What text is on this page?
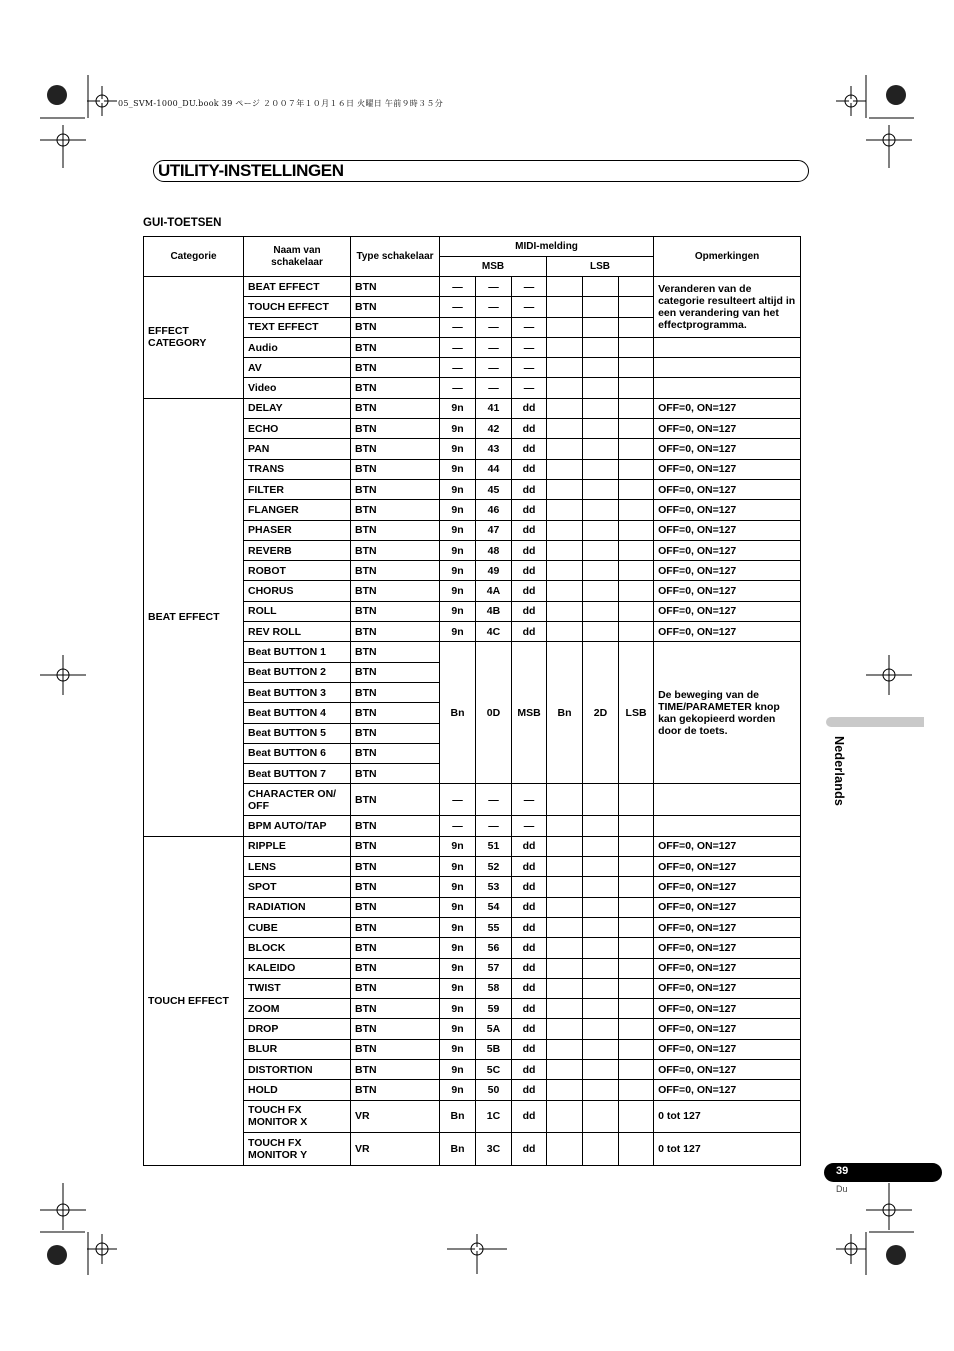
05_SVM-1000_DU.book 39 ページ ２００７年１０月１６日 火曜日 午前９時３５分
UTILITY-INSTELLINGEN
GUI-TOETSEN
Categorie	Naam van schakelaar	Type schakelaar	MIDI-melding						Opmerkingen
			MSB			LSB			
EFFECT CATEGORY	BEAT EFFECT	BTN	—	—	—				Veranderen van de categorie resulteert altijd in een verandering van het effectprogramma.
	TOUCH EFFECT	BTN	—	—	—				
	TEXT EFFECT	BTN	—	—	—				
	Audio	BTN	—	—	—				
	AV	BTN	—	—	—				
	Video	BTN	—	—	—				
BEAT EFFECT	DELAY	BTN	9n	41	dd				OFF=0, ON=127
	ECHO	BTN	9n	42	dd				OFF=0, ON=127
	PAN	BTN	9n	43	dd				OFF=0, ON=127
	TRANS	BTN	9n	44	dd				OFF=0, ON=127
	FILTER	BTN	9n	45	dd				OFF=0, ON=127
	FLANGER	BTN	9n	46	dd				OFF=0, ON=127
	PHASER	BTN	9n	47	dd				OFF=0, ON=127
	REVERB	BTN	9n	48	dd				OFF=0, ON=127
	ROBOT	BTN	9n	49	dd				OFF=0, ON=127
	CHORUS	BTN	9n	4A	dd				OFF=0, ON=127
	ROLL	BTN	9n	4B	dd				OFF=0, ON=127
	REV ROLL	BTN	9n	4C	dd				OFF=0, ON=127
	Beat BUTTON 1	BTN	Bn	0D	MSB	Bn	2D	LSB	De beweging van de TIME/PARAMETER knop kan gekopieerd worden door de toets.
	Beat BUTTON 2	BTN							
	Beat BUTTON 3	BTN							
	Beat BUTTON 4	BTN							
	Beat BUTTON 5	BTN							
	Beat BUTTON 6	BTN							
	Beat BUTTON 7	BTN							
	CHARACTER ON/ OFF	BTN	—	—	—				
	BPM AUTO/TAP	BTN	—	—	—				
TOUCH EFFECT	RIPPLE	BTN	9n	51	dd				OFF=0, ON=127
	LENS	BTN	9n	52	dd				OFF=0, ON=127
	SPOT	BTN	9n	53	dd				OFF=0, ON=127
	RADIATION	BTN	9n	54	dd				OFF=0, ON=127
	CUBE	BTN	9n	55	dd				OFF=0, ON=127
	BLOCK	BTN	9n	56	dd				OFF=0, ON=127
	KALEIDO	BTN	9n	57	dd				OFF=0, ON=127
	TWIST	BTN	9n	58	dd				OFF=0, ON=127
	ZOOM	BTN	9n	59	dd				OFF=0, ON=127
	DROP	BTN	9n	5A	dd				OFF=0, ON=127
	BLUR	BTN	9n	5B	dd				OFF=0, ON=127
	DISTORTION	BTN	9n	5C	dd				OFF=0, ON=127
	HOLD	BTN	9n	50	dd				OFF=0, ON=127
	TOUCH FX MONITOR X	VR	Bn	1C	dd				0 tot 127
	TOUCH FX MONITOR Y	VR	Bn	3C	dd				0 tot 127
Nederlands
39
Du
